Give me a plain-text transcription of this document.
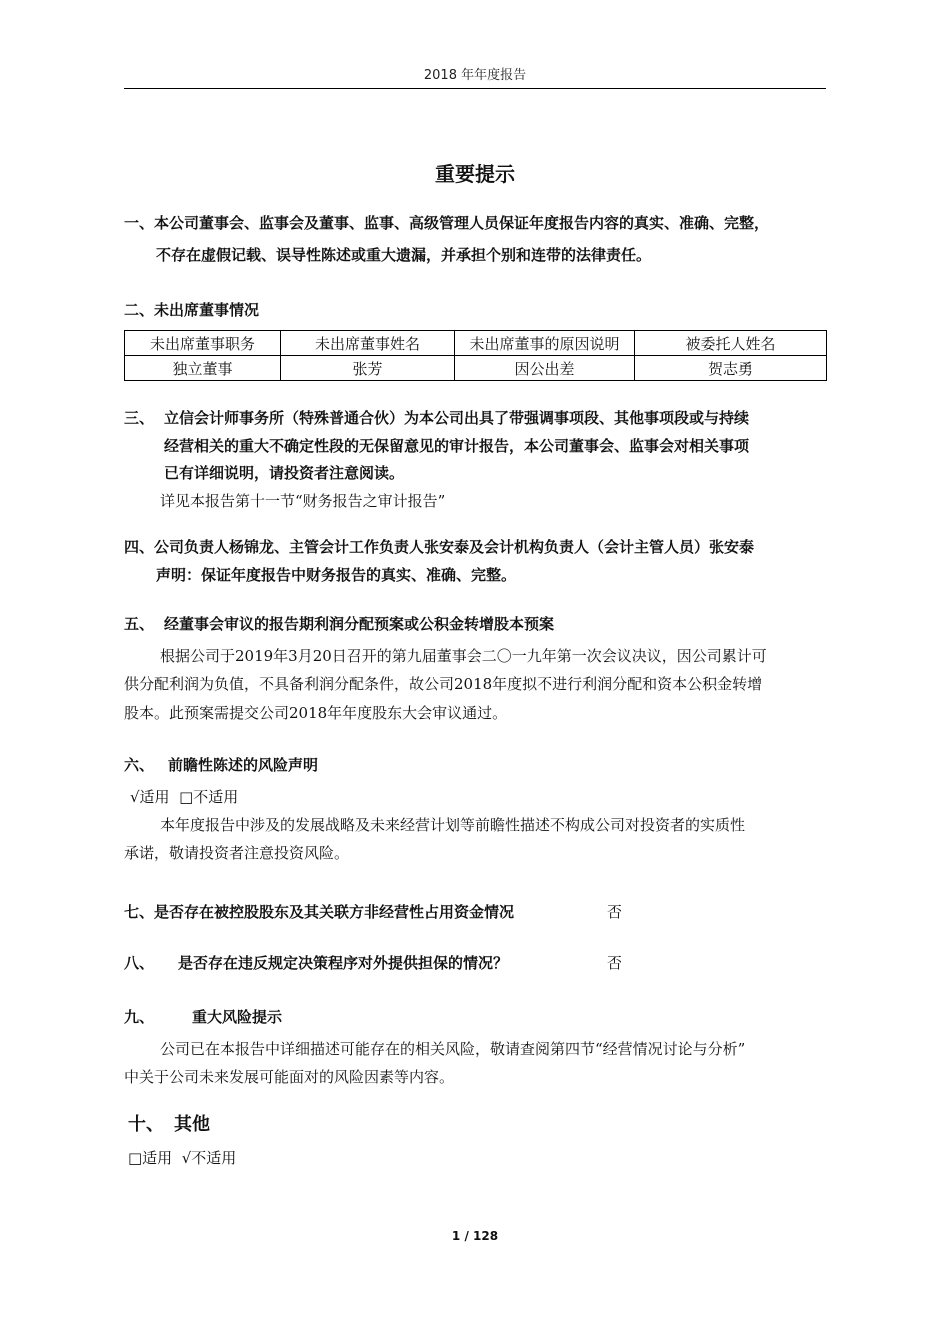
2018 年年度报告
重要提示
一、本公司董事会、监事会及董事、监事、高级管理人员保证年度报告内容的真实、准确、完整，
不存在虚假记载、误导性陈述或重大遗漏，并承担个别和连带的法律责任。
二、未出席董事情况
未出席董事职务	未出席董事姓名	未出席董事的原因说明	被委托人姓名
独立董事	张芳	因公出差	贺志勇
三、 立信会计师事务所（特殊普通合伙）为本公司出具了带强调事项段、其他事项段或与持续
经营相关的重大不确定性段的无保留意见的审计报告，本公司董事会、监事会对相关事项
已有详细说明，请投资者注意阅读。
详见本报告第十一节“财务报告之审计报告”
四、公司负责人杨锦龙、主管会计工作负责人张安泰及会计机构负责人（会计主管人员）张安泰
声明：保证年度报告中财务报告的真实、准确、完整。
五、 经董事会审议的报告期利润分配预案或公积金转增股本预案
根据公司于2019年3月20日召开的第九届董事会二〇一九年第一次会议决议，因公司累计可
供分配利润为负值，不具备利润分配条件，故公司2018年度拟不进行利润分配和资本公积金转增
股本。此预案需提交公司2018年年度股东大会审议通过。
六、 前瞻性陈述的风险声明
√适用  □不适用
本年度报告中涉及的发展战略及未来经营计划等前瞻性描述不构成公司对投资者的实质性
承诺，敬请投资者注意投资风险。
七、是否存在被控股股东及其关联方非经营性占用资金情况	否
八、 是否存在违反规定决策程序对外提供担保的情况？	否
九、	重大风险提示
公司已在本报告中详细描述可能存在的相关风险，敬请查阅第四节“经营情况讨论与分析”
中关于公司未来发展可能面对的风险因素等内容。
十、 其他
□适用  √不适用
1 / 128
